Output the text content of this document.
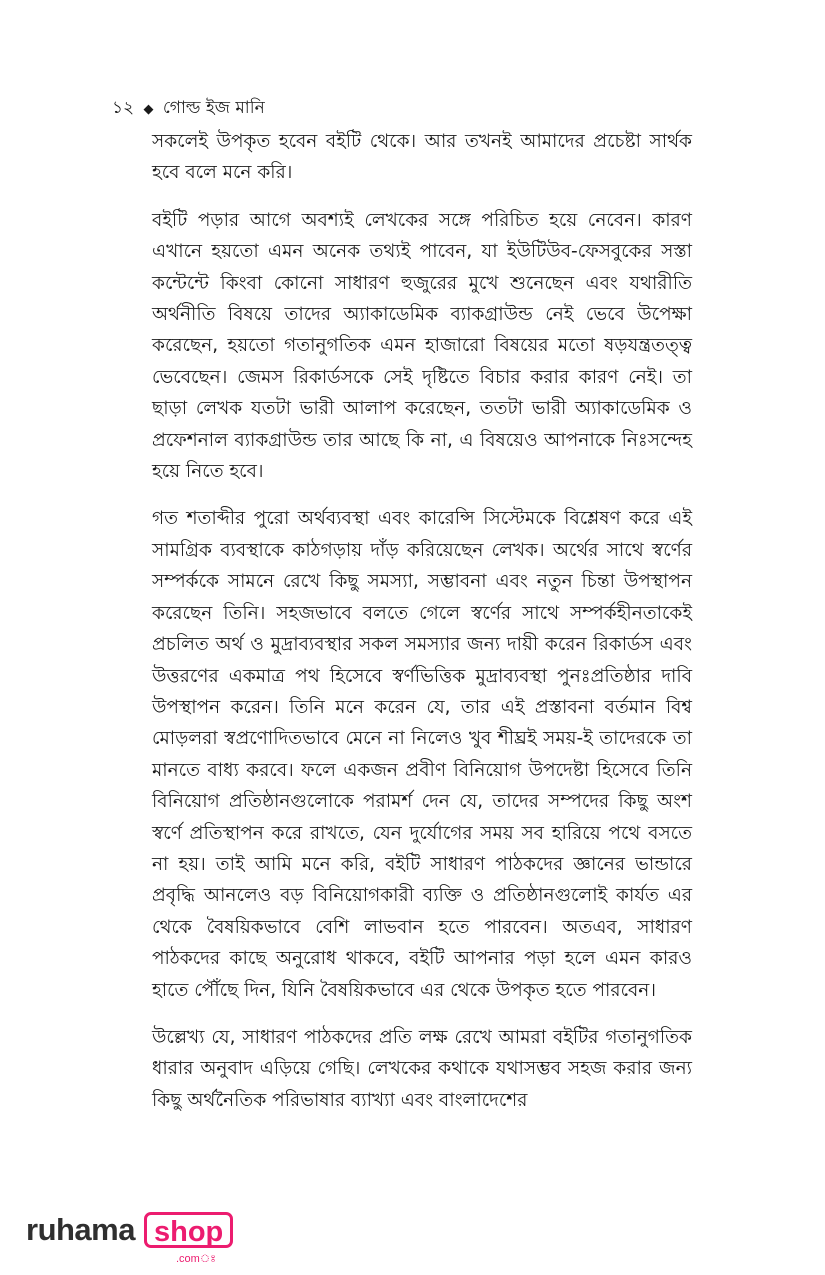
১২ ◆ গোল্ড ইজ মানি

সকলেই উপকৃত হবেন বইটি থেকে। আর তখনই আমাদের প্রচেষ্টা সার্থক হবে বলে মনে করি।

বইটি পড়ার আগে অবশ্যই লেখকের সঙ্গে পরিচিত হয়ে নেবেন। কারণ এখানে হয়তো এমন অনেক তথ্যই পাবেন, যা ইউটিউব-ফেসবুকের সস্তা কন্টেন্টে কিংবা কোনো সাধারণ হুজুরের মুখে শুনেছেন এবং যথারীতি অর্থনীতি বিষয়ে তাদের অ্যাকাডেমিক ব্যাকগ্রাউন্ড নেই ভেবে উপেক্ষা করেছেন, হয়তো গতানুগতিক এমন হাজারো বিষয়ের মতো ষড়যন্ত্রতত্ত্ব ভেবেছেন। জেমস রিকার্ডসকে সেই দৃষ্টিতে বিচার করার কারণ নেই। তা ছাড়া লেখক যতটা ভারী আলাপ করেছেন, ততটা ভারী অ্যাকাডেমিক ও প্রফেশনাল ব্যাকগ্রাউন্ড তার আছে কি না, এ বিষয়েও আপনাকে নিঃসন্দেহ হয়ে নিতে হবে।

গত শতাব্দীর পুরো অর্থব্যবস্থা এবং কারেন্সি সিস্টেমকে বিশ্লেষণ করে এই সামগ্রিক ব্যবস্থাকে কাঠগড়ায় দাঁড় করিয়েছেন লেখক। অর্থের সাথে স্বর্ণের সম্পর্ককে সামনে রেখে কিছু সমস্যা, সম্ভাবনা এবং নতুন চিন্তা উপস্থাপন করেছেন তিনি। সহজভাবে বলতে গেলে স্বর্ণের সাথে সম্পর্কহীনতাকেই প্রচলিত অর্থ ও মুদ্রাব্যবস্থার সকল সমস্যার জন্য দায়ী করেন রিকার্ডস এবং উত্তরণের একমাত্র পথ হিসেবে স্বর্ণভিত্তিক মুদ্রাব্যবস্থা পুনঃপ্রতিষ্ঠার দাবি উপস্থাপন করেন। তিনি মনে করেন যে, তার এই প্রস্তাবনা বর্তমান বিশ্ব মোড়লরা স্বপ্রণোদিতভাবে মেনে না নিলেও খুব শীঘ্রই সময়-ই তাদেরকে তা মানতে বাধ্য করবে। ফলে একজন প্রবীণ বিনিয়োগ উপদেষ্টা হিসেবে তিনি বিনিয়োগ প্রতিষ্ঠানগুলোকে পরামর্শ দেন যে, তাদের সম্পদের কিছু অংশ স্বর্ণে প্রতিস্থাপন করে রাখতে, যেন দুর্যোগের সময় সব হারিয়ে পথে বসতে না হয়। তাই আমি মনে করি, বইটি সাধারণ পাঠকদের জ্ঞানের ভান্ডারে প্রবৃদ্ধি আনলেও বড় বিনিয়োগকারী ব্যক্তি ও প্রতিষ্ঠানগুলোই কার্যত এর থেকে বৈষয়িকভাবে বেশি লাভবান হতে পারবেন। অতএব, সাধারণ পাঠকদের কাছে অনুরোধ থাকবে, বইটি আপনার পড়া হলে এমন কারও হাতে পৌঁছে দিন, যিনি বৈষয়িকভাবে এর থেকে উপকৃত হতে পারবেন।

উল্লেখ্য যে, সাধারণ পাঠকদের প্রতি লক্ষ রেখে আমরা বইটির গতানুগতিক ধারার অনুবাদ এড়িয়ে গেছি। লেখকের কথাকে যথাসম্ভব সহজ করার জন্য কিছু অর্থনৈতিক পরিভাষার ব্যাখ্যা এবং বাংলাদেশের

ruhama shop
.comঃ
